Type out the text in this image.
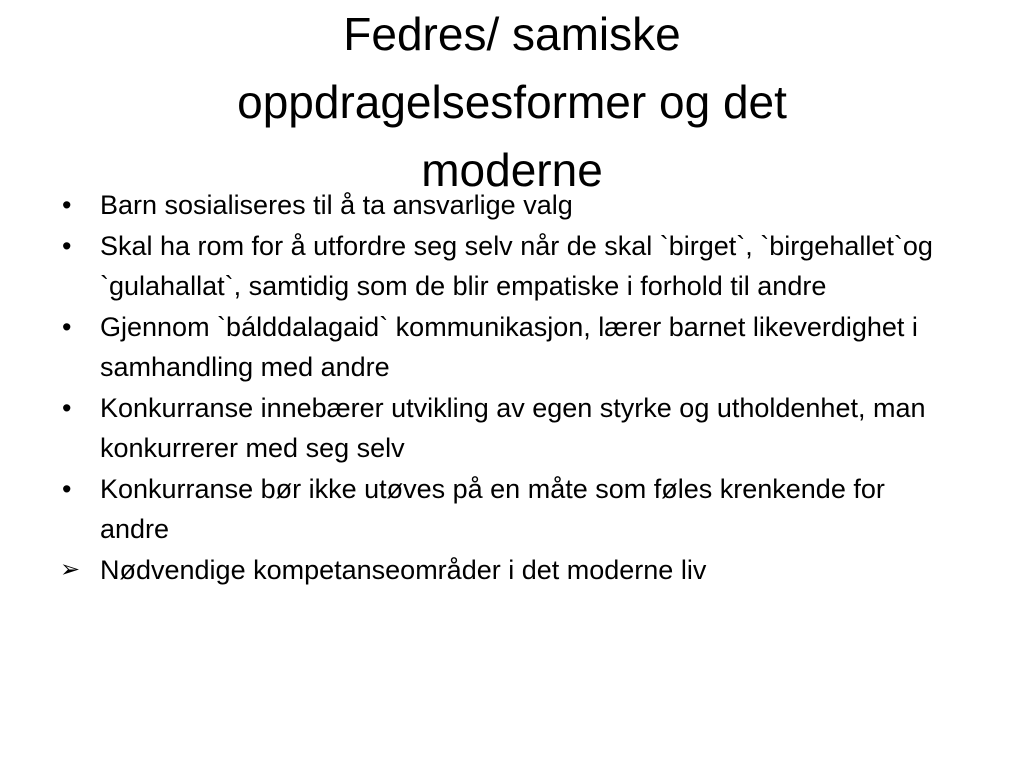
Fedres/ samiske
oppdragelsesformer og det
moderne
•	Barn sosialiseres til å ta ansvarlige valg
•	Skal ha rom for å utfordre seg selv når de skal `birget`, `birgehallet`og `gulahallat`, samtidig som de blir empatiske i forhold til andre
•	Gjennom `bálddalagaid` kommunikasjon, lærer barnet likeverdighet i samhandling med andre
•	Konkurranse innebærer utvikling av egen styrke og utholdenhet, man konkurrerer med seg selv
•	Konkurranse bør ikke utøves på en måte som føles krenkende for andre
➢ Nødvendige kompetanseområder i det moderne liv
